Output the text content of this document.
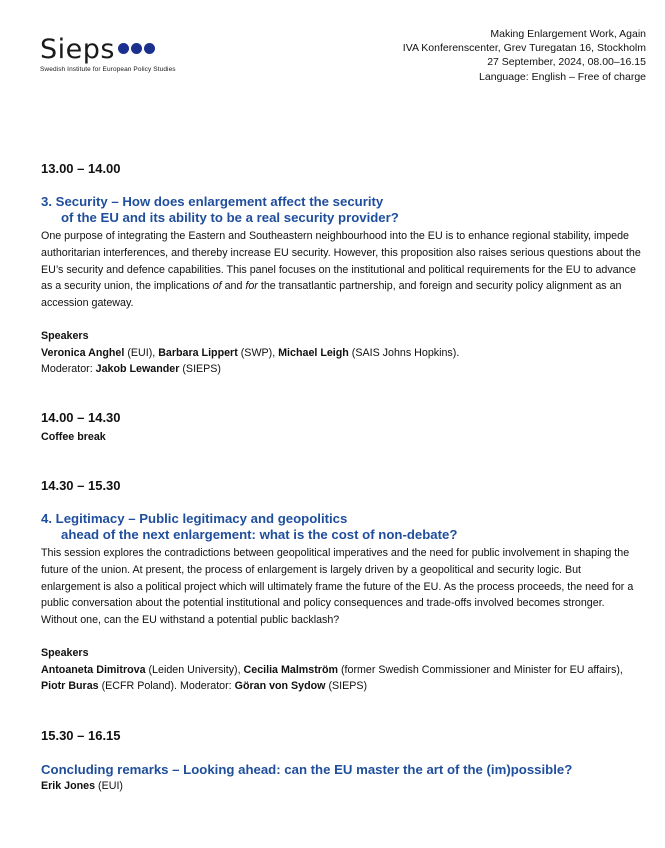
Sieps
Swedish Institute for European Policy Studies
Making Enlargement Work, Again
IVA Konferenscenter, Grev Turegatan 16, Stockholm
27 September, 2024, 08.00–16.15
Language: English – Free of charge
13.00 – 14.00
3. Security – How does enlargement affect the security
of the EU and its ability to be a real security provider?
One purpose of integrating the Eastern and Southeastern neighbourhood into the EU is to enhance regional stability, impede authoritarian interferences, and thereby increase EU security. However, this proposition also raises serious questions about the EU’s security and defence capabilities. This panel focuses on the institutional and political requirements for the EU to advance as a security union, the implications of and for the transatlantic partnership, and foreign and security policy alignment as an accession gateway.
Speakers
Veronica Anghel (EUI), Barbara Lippert (SWP), Michael Leigh (SAIS Johns Hopkins).
Moderator: Jakob Lewander (SIEPS)
14.00 – 14.30
Coffee break
14.30 – 15.30
4. Legitimacy – Public legitimacy and geopolitics
ahead of the next enlargement: what is the cost of non-debate?
This session explores the contradictions between geopolitical imperatives and the need for public involvement in shaping the future of the union. At present, the process of enlargement is largely driven by a geopolitical and security logic. But enlargement is also a political project which will ultimately frame the future of the EU. As the process proceeds, the need for a public conversation about the potential institutional and policy consequences and trade-offs involved becomes stronger. Without one, can the EU withstand a potential public backlash?
Speakers
Antoaneta Dimitrova (Leiden University), Cecilia Malmström (former Swedish Commissioner and Minister for EU affairs), Piotr Buras (ECFR Poland). Moderator: Göran von Sydow (SIEPS)
15.30 – 16.15
Concluding remarks – Looking ahead: can the EU master the art of the (im)possible?
Erik Jones (EUI)
